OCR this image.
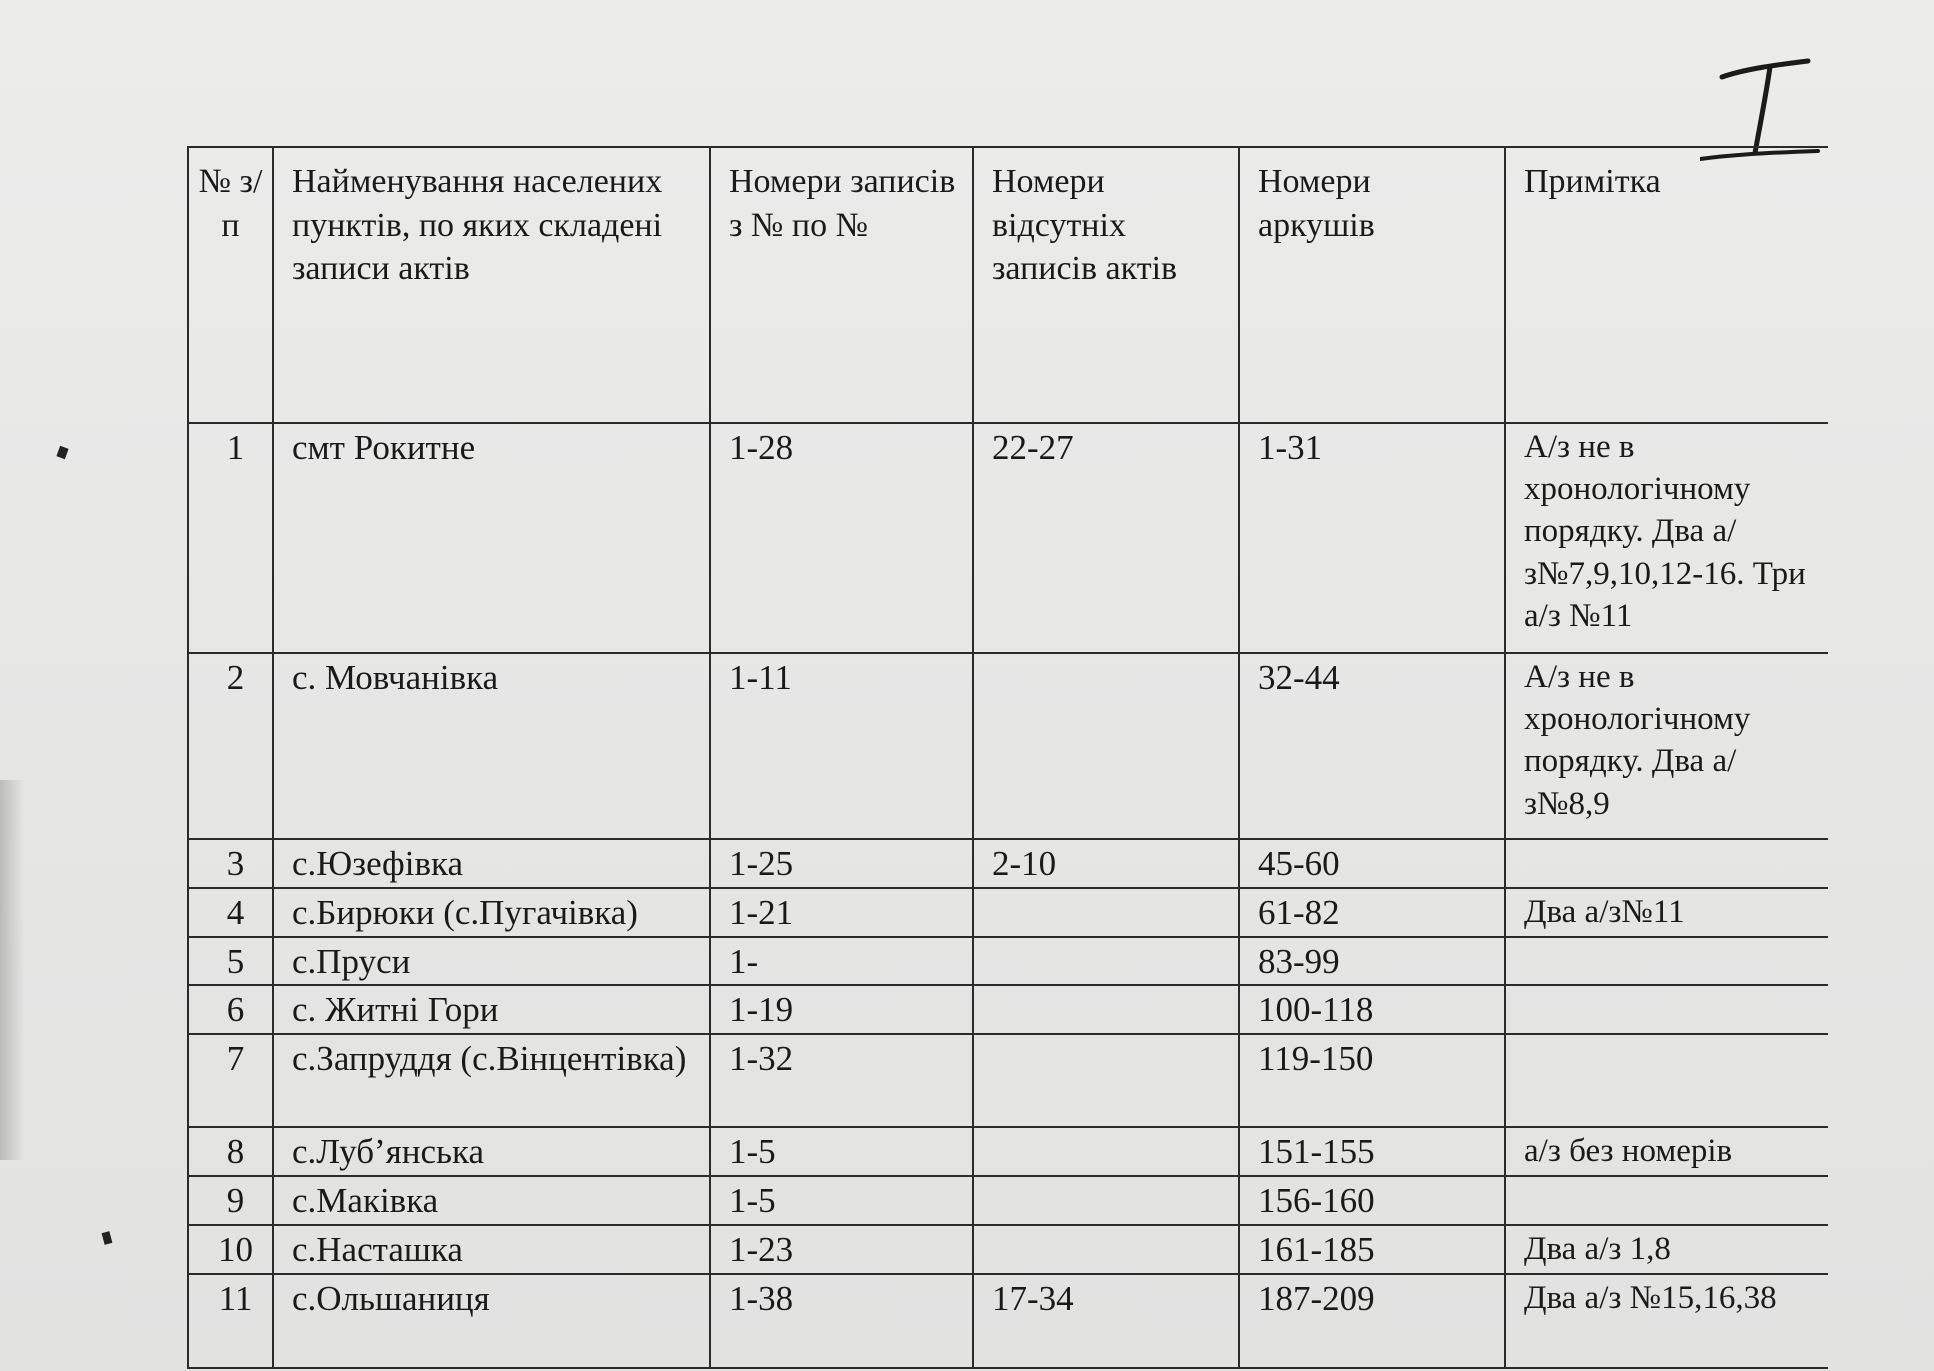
№ з/п	Найменування населених пунктів, по яких складені записи актів	Номери записів з № по №	Номери відсутніх записів актів	Номери аркушів	Примітка
1	смт Рокитне	1-28	22-27	1-31	А/з не в хронологічному порядку. Два а/з№7,9,10,12-16. Три а/з №11
2	с. Мовчанівка	1-11		32-44	А/з не в хронологічному порядку. Два а/з№8,9
3	с.Юзефівка	1-25	2-10	45-60	
4	с.Бирюки (с.Пугачівка)	1-21		61-82	Два а/з№11
5	с.Пруси	1-		83-99	
6	с. Житні Гори	1-19		100-118	
7	с.Запруддя (с.Вінцентівка)	1-32		119-150	
8	с.Луб’янська	1-5		151-155	а/з без номерів
9	с.Маківка	1-5		156-160	
10	с.Насташка	1-23		161-185	Два а/з 1,8
11	с.Ольшаниця	1-38	17-34	187-209	Два а/з №15,16,38
